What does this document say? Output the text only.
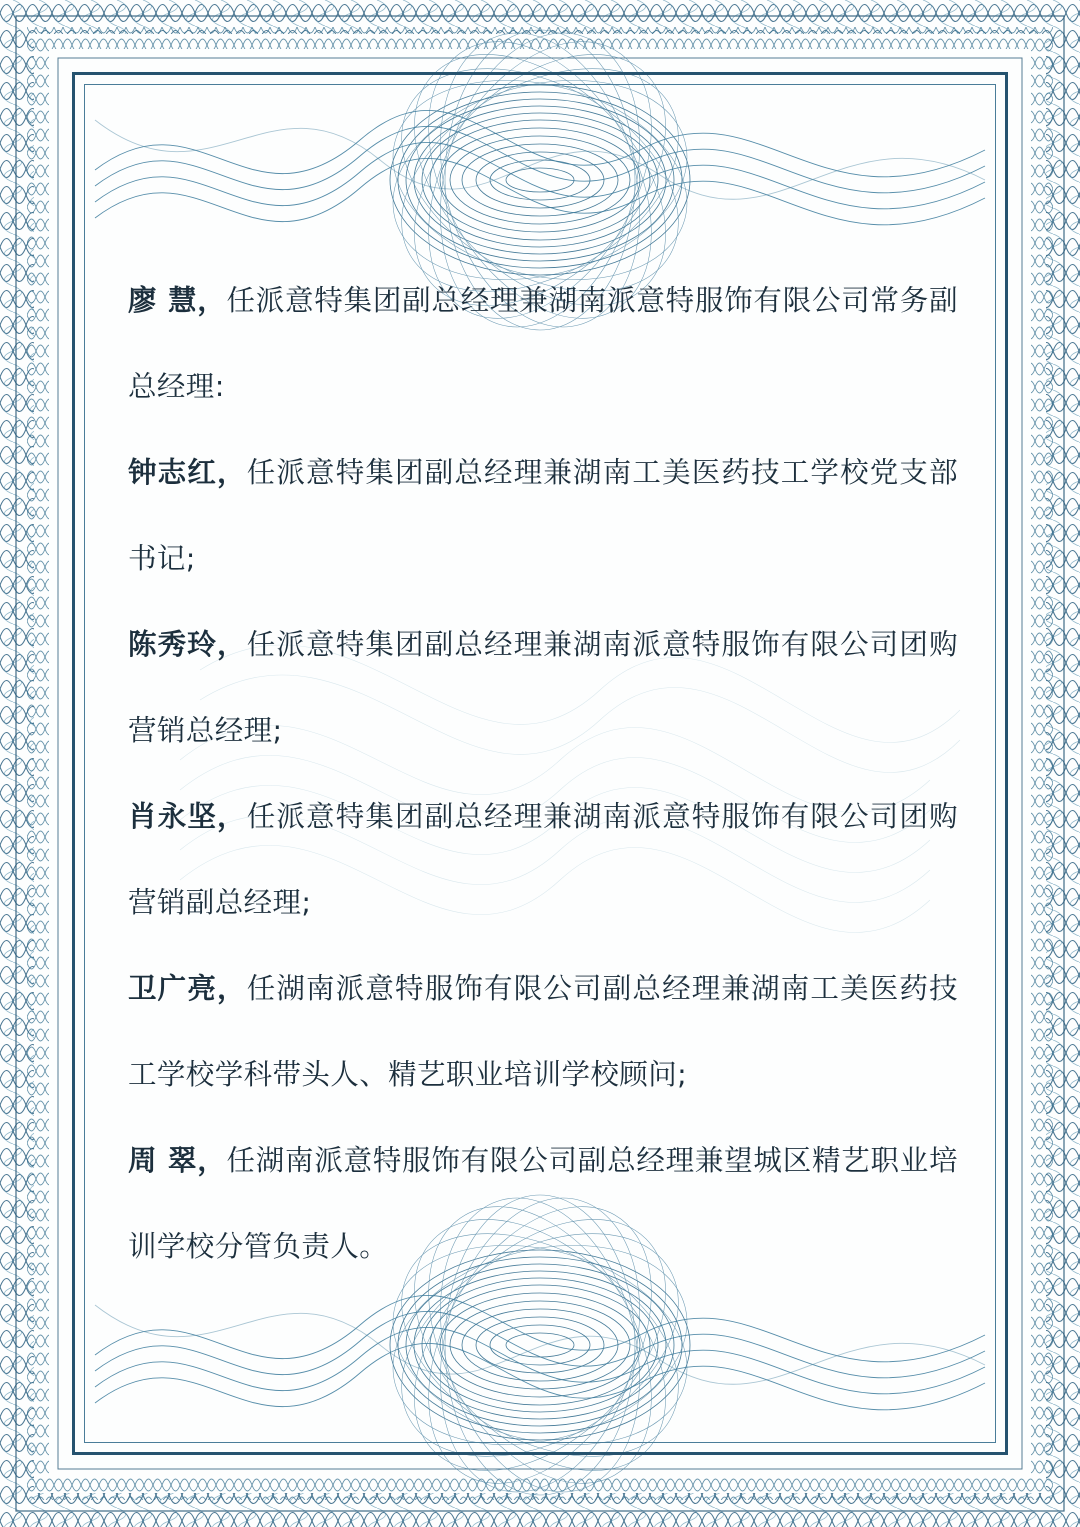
廖 慧，任派意特集团副总经理兼湖南派意特服饰有限公司常务副总经理:

钟志红，任派意特集团副总经理兼湖南工美医药技工学校党支部书记;

陈秀玲，任派意特集团副总经理兼湖南派意特服饰有限公司团购营销总经理;

肖永坚，任派意特集团副总经理兼湖南派意特服饰有限公司团购营销副总经理;

卫广亮，任湖南派意特服饰有限公司副总经理兼湖南工美医药技工学校学科带头人、精艺职业培训学校顾问;

周 翠，任湖南派意特服饰有限公司副总经理兼望城区精艺职业培训学校分管负责人。
